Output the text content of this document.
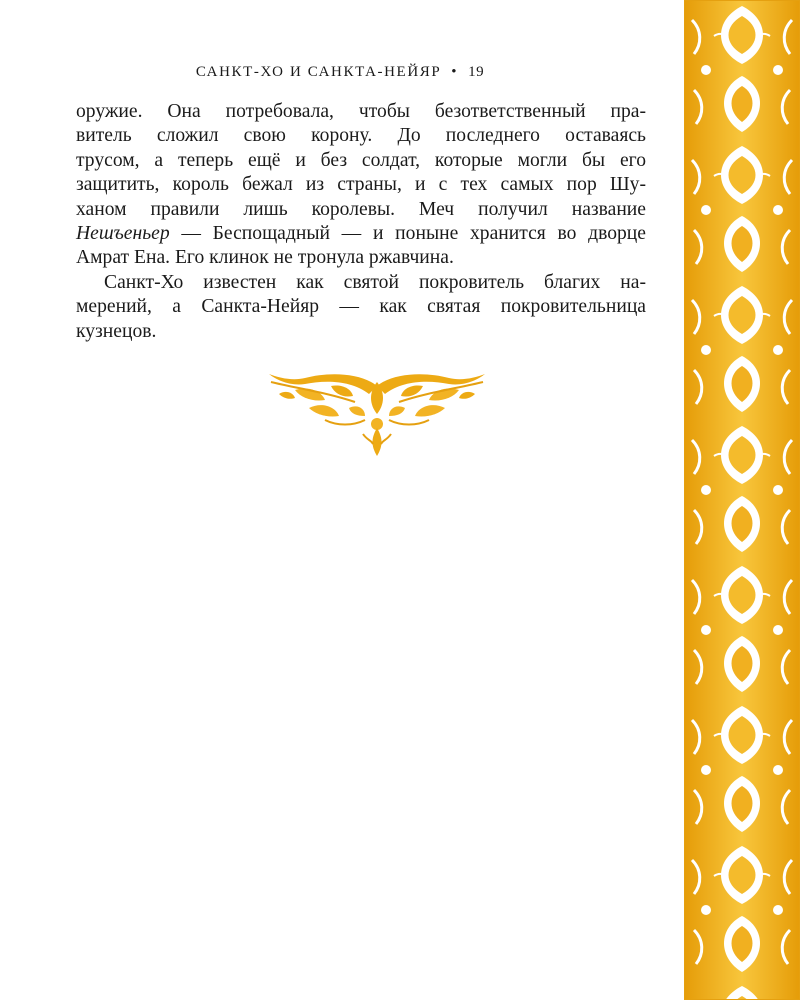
САНКТ-ХО И САНКТА-НЕЙЯР • 19
оружие. Она потребовала, чтобы безответственный пра-
витель сложил свою корону. До последнего оставаясь
трусом, а теперь ещё и без солдат, которые могли бы его
защитить, король бежал из страны, и с тех самых пор Шу-
ханом правили лишь королевы. Меч получил название
Нешъеньер — Беспощадный — и поныне хранится во дворце
Амрат Ена. Его клинок не тронула ржавчина.
Санкт-Хо известен как святой покровитель благих на-
мерений, а Санкта-Нейяр — как святая покровительница
кузнецов.
